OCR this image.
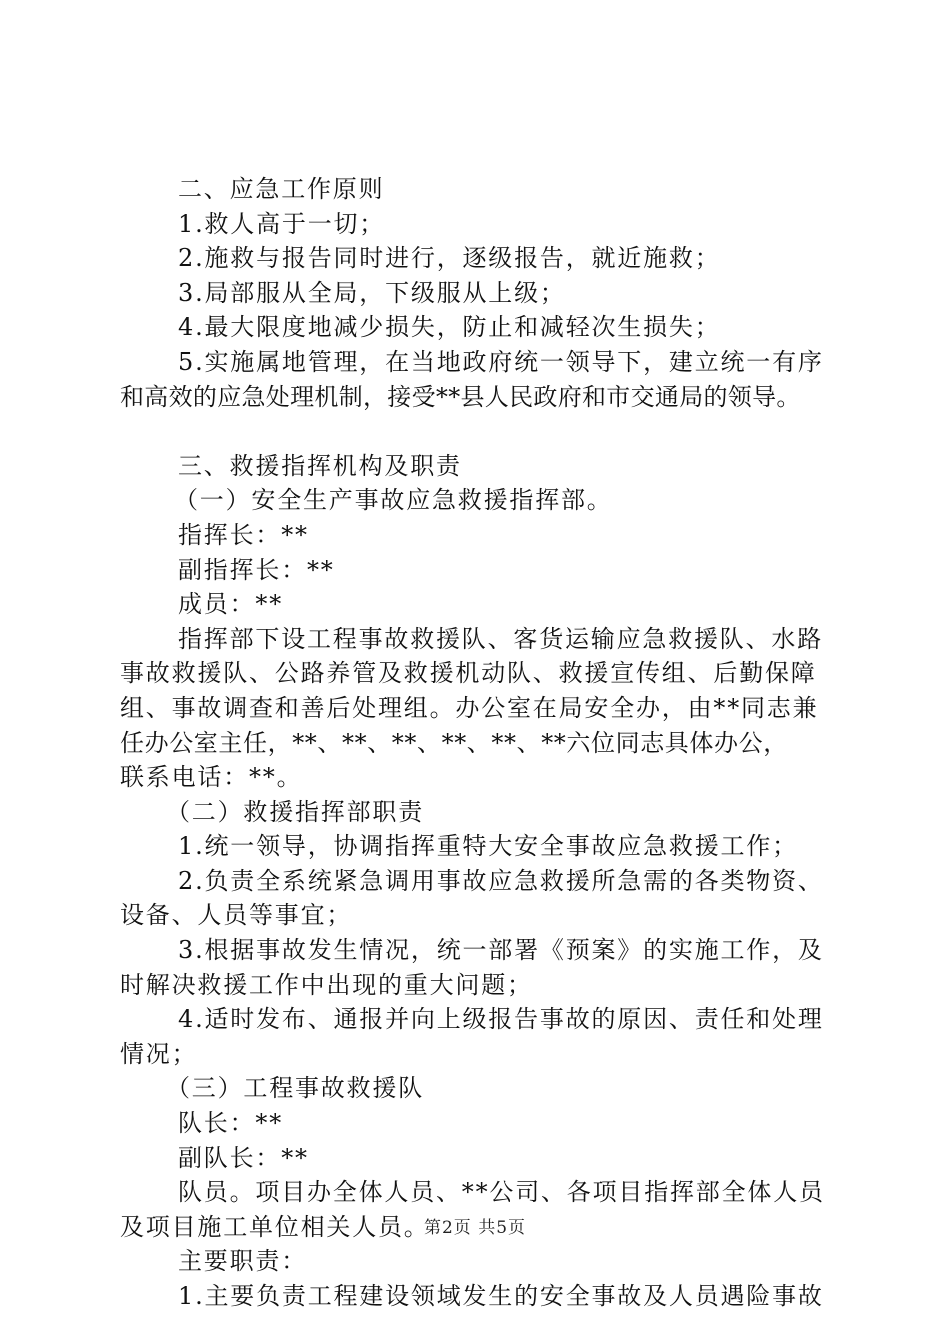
二、应急工作原则
1.救人高于一切；
2.施救与报告同时进行，逐级报告，就近施救；
3.局部服从全局，下级服从上级；
4.最大限度地减少损失，防止和减轻次生损失；
5.实施属地管理，在当地政府统一领导下，建立统一有序
和高效的应急处理机制，接受**县人民政府和市交通局的领导。
三、救援指挥机构及职责
（一）安全生产事故应急救援指挥部。
指挥长：**
副指挥长：**
成员：**
指挥部下设工程事故救援队、客货运输应急救援队、水路
事故救援队、公路养管及救援机动队、救援宣传组、后勤保障
组、事故调查和善后处理组。办公室在局安全办，由**同志兼
任办公室主任，**、**、**、**、**、**六位同志具体办公，
联系电话：**。
（二）救援指挥部职责
1.统一领导，协调指挥重特大安全事故应急救援工作；
2.负责全系统紧急调用事故应急救援所急需的各类物资、
设备、人员等事宜；
3.根据事故发生情况，统一部署《预案》的实施工作，及
时解决救援工作中出现的重大问题；
4.适时发布、通报并向上级报告事故的原因、责任和处理
情况；
（三）工程事故救援队
队长：**
副队长：**
队员。项目办全体人员、**公司、各项目指挥部全体人员
及项目施工单位相关人员。
主要职责：
1.主要负责工程建设领域发生的安全事故及人员遇险事故
第2页 共5页
